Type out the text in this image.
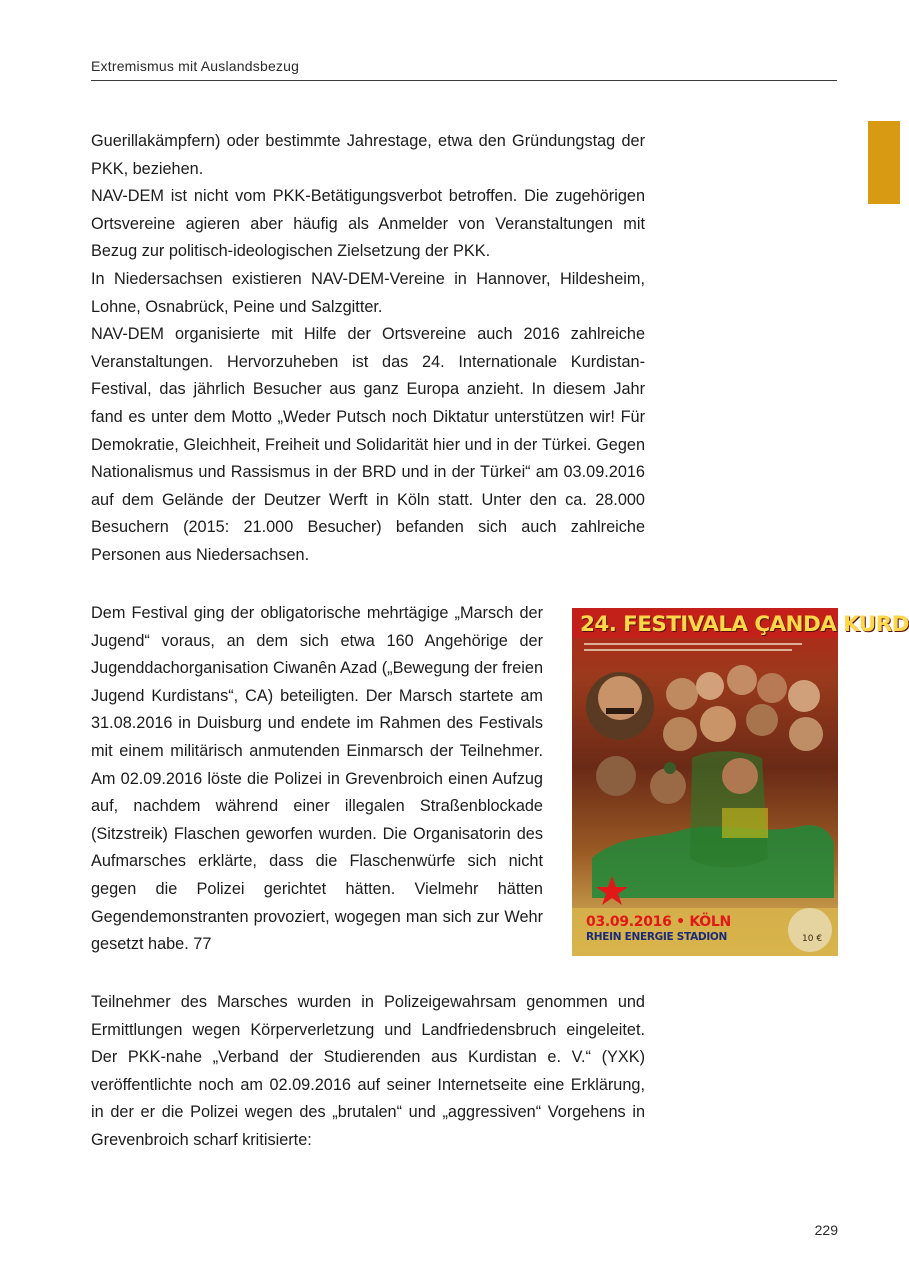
Extremismus mit Auslandsbezug

Guerillakämpfern) oder bestimmte Jahrestage, etwa den Gründungstag der PKK, beziehen.

NAV-DEM ist nicht vom PKK-Betätigungsverbot betroffen. Die zugehörigen Ortsvereine agieren aber häufig als Anmelder von Veranstaltungen mit Bezug zur politisch-ideologischen Zielsetzung der PKK.

In Niedersachsen existieren NAV-DEM-Vereine in Hannover, Hildesheim, Lohne, Osnabrück, Peine und Salzgitter.

NAV-DEM organisierte mit Hilfe der Ortsvereine auch 2016 zahlreiche Veranstaltungen. Hervorzuheben ist das 24. Internationale Kurdistan-Festival, das jährlich Besucher aus ganz Europa anzieht. In diesem Jahr fand es unter dem Motto „Weder Putsch noch Diktatur unterstützen wir! Für Demokratie, Gleichheit, Freiheit und Solidarität hier und in der Türkei. Gegen Nationalismus und Rassismus in der BRD und in der Türkei“ am 03.09.2016 auf dem Gelände der Deutzer Werft in Köln statt. Unter den ca. 28.000 Besuchern (2015: 21.000 Besucher) befanden sich auch zahlreiche Personen aus Niedersachsen.

Dem Festival ging der obligatorische mehrtägige „Marsch der Jugend“ voraus, an dem sich etwa 160 Angehörige der Jugenddachorganisation Ciwanên Azad („Bewegung der freien Jugend Kurdistans“, CA) beteiligten. Der Marsch startete am 31.08.2016 in Duisburg und endete im Rahmen des Festivals mit einem militärisch anmutenden Einmarsch der Teilnehmer. Am 02.09.2016 löste die Polizei in Grevenbroich einen Aufzug auf, nachdem während einer illegalen Straßenblockade (Sitzstreik) Flaschen geworfen wurden. Die Organisatorin des Aufmarsches erklärte, dass die Flaschenwürfe sich nicht gegen die Polizei gerichtet hätten. Vielmehr hätten Gegendemonstranten provoziert, wogegen man sich zur Wehr gesetzt habe. 77

Teilnehmer des Marsches wurden in Polizeigewahrsam genommen und Ermittlungen wegen Körperverletzung und Landfriedensbruch eingeleitet. Der PKK-nahe „Verband der Studierenden aus Kurdistan e. V.“ (YXK) veröffentlichte noch am 02.09.2016 auf seiner Internetseite eine Erklärung, in der er die Polizei wegen des „brutalen“ und „aggressiven“ Vorgehens in Grevenbroich scharf kritisierte:

24. FESTIVALA ÇANDA KURD
03.09.2016 • KÖLN
RHEIN ENERGIE STADION	10 €
229
